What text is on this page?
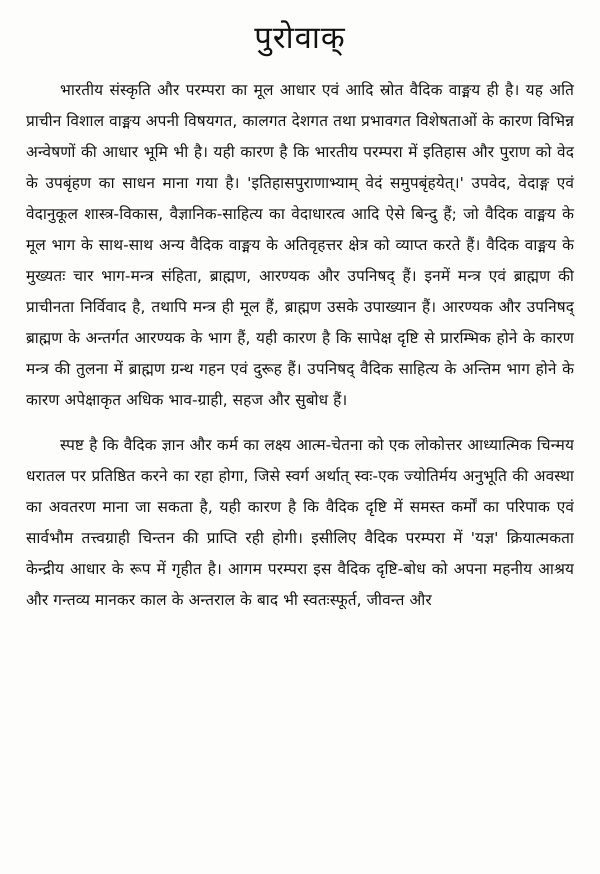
पुरोवाक्

भारतीय संस्कृति और परम्परा का मूल आधार एवं आदि स्रोत वैदिक वाङ्मय ही है। यह अति प्राचीन विशाल वाङ्मय अपनी विषयगत, कालगत देशगत तथा प्रभावगत विशेषताओं के कारण विभिन्न अन्वेषणों की आधार भूमि भी है। यही कारण है कि भारतीय परम्परा में इतिहास और पुराण को वेद के उपबृंहण का साधन माना गया है। 'इतिहासपुराणाभ्याम् वेदं समुपबृंहयेत्।' उपवेद, वेदाङ्ग एवं वेदानुकूल शास्त्र-विकास, वैज्ञानिक-साहित्य का वेदाधारत्व आदि ऐसे बिन्दु हैं; जो वैदिक वाङ्मय के मूल भाग के साथ-साथ अन्य वैदिक वाङ्मय के अतिवृहत्तर क्षेत्र को व्याप्त करते हैं। वैदिक वाङ्मय के मुख्यतः चार भाग-मन्त्र संहिता, ब्राह्मण, आरण्यक और उपनिषद् हैं। इनमें मन्त्र एवं ब्राह्मण की प्राचीनता निर्विवाद है, तथापि मन्त्र ही मूल हैं, ब्राह्मण उसके उपाख्यान हैं। आरण्यक और उपनिषद् ब्राह्मण के अन्तर्गत आरण्यक के भाग हैं, यही कारण है कि सापेक्ष दृष्टि से प्रारम्भिक होने के कारण मन्त्र की तुलना में ब्राह्मण ग्रन्थ गहन एवं दुरूह हैं। उपनिषद् वैदिक साहित्य के अन्तिम भाग होने के कारण अपेक्षाकृत अधिक भाव-ग्राही, सहज और सुबोध हैं।

स्पष्ट है कि वैदिक ज्ञान और कर्म का लक्ष्य आत्म-चेतना को एक लोकोत्तर आध्यात्मिक चिन्मय धरातल पर प्रतिष्ठित करने का रहा होगा, जिसे स्वर्ग अर्थात् स्वः-एक ज्योतिर्मय अनुभूति की अवस्था का अवतरण माना जा सकता है, यही कारण है कि वैदिक दृष्टि में समस्त कर्मों का परिपाक एवं सार्वभौम तत्त्वग्राही चिन्तन की प्राप्ति रही होगी। इसीलिए वैदिक परम्परा में 'यज्ञ' क्रियात्मकता केन्द्रीय आधार के रूप में गृहीत है। आगम परम्परा इस वैदिक दृष्टि-बोध को अपना महनीय आश्रय और गन्तव्य मानकर काल के अन्तराल के बाद भी स्वतःस्फूर्त, जीवन्त और
